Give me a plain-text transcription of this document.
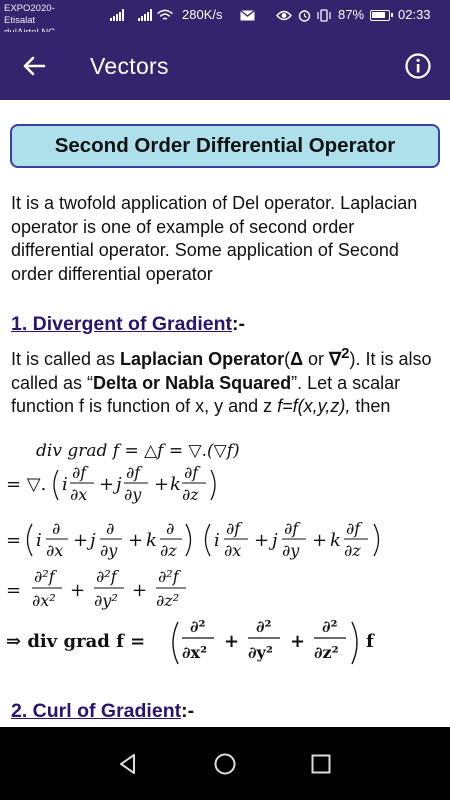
EXPO2020-Etisalat	280K/s	87%	02:33
Vectors
Second Order Differential Operator
It is a twofold application of Del operator. Laplacian operator is one of example of second order differential operator. Some application of Second order differential operator
1. Divergent of Gradient:-
It is called as Laplacian Operator(Δ or ∇$^2$). It is also called as “Delta or Nabla Squared”. Let a scalar function f is function of x, y and z f=f(x,y,z), then
div grad f = △f = ▽.(▽f)
= ▽. i
∂f
∂x + j
∂f
∂y + k
∂f
∂z
= i
∂
∂x + j
∂
∂y + k
∂
∂z i
∂f
∂x + j
∂f
∂y + k
∂f
∂z
=
∂²f
∂x² +
∂²f
∂y² +
∂²f
∂z²
⇒ div grad f =
∂²
∂x²
+
∂²
∂y²
+
∂²
∂z²
f
2. Curl of Gradient:-
